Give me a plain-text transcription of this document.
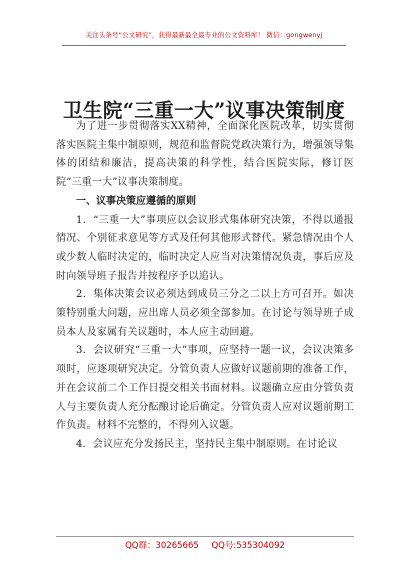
关注头条号“公文研究”，获得最新最全最专业的公文资料库！ 微信：gongwenyj
卫生院“三重一大”议事决策制度

为了进一步贯彻落实XX精神，全面深化医院改革，切实贯彻落实医院主集中制原则，规范和监督院党政决策行为，增强领导集体的团结和廉洁，提高决策的科学性，结合医院实际，修订医院“三重一大”议事决策制度。

一、议事决策应遵循的原则

1．“三重一大”事项应以会议形式集体研究决策，不得以通报情况、个别征求意见等方式及任何其他形式替代。紧急情况由个人或少数人临时决定的，临时决定人应当对决策情况负责，事后应及时向领导班子报告并按程序予以追认。

2．集体决策会议必须达到成员三分之二以上方可召开。如决策特别重大问题，应出席人员必须全部参加。在讨论与领导班子成员本人及家属有关议题时，本人应主动回避。

3．会议研究“三重一大”事项，应坚持一题一议，会议决策多项时，应逐项研究决定。分管负责人应做好议题前期的准备工作，并在会议前二个工作日提交相关书面材料。议题确立应由分管负责人与主要负责人充分酝酿讨论后确定。分管负责人应对议题前期工作负责。材料不完整的，不得列入议题。

4．会议应充分发扬民主，坚持民主集中制原则。在讨论议

QQ群：30265665 QQ号:535304092
